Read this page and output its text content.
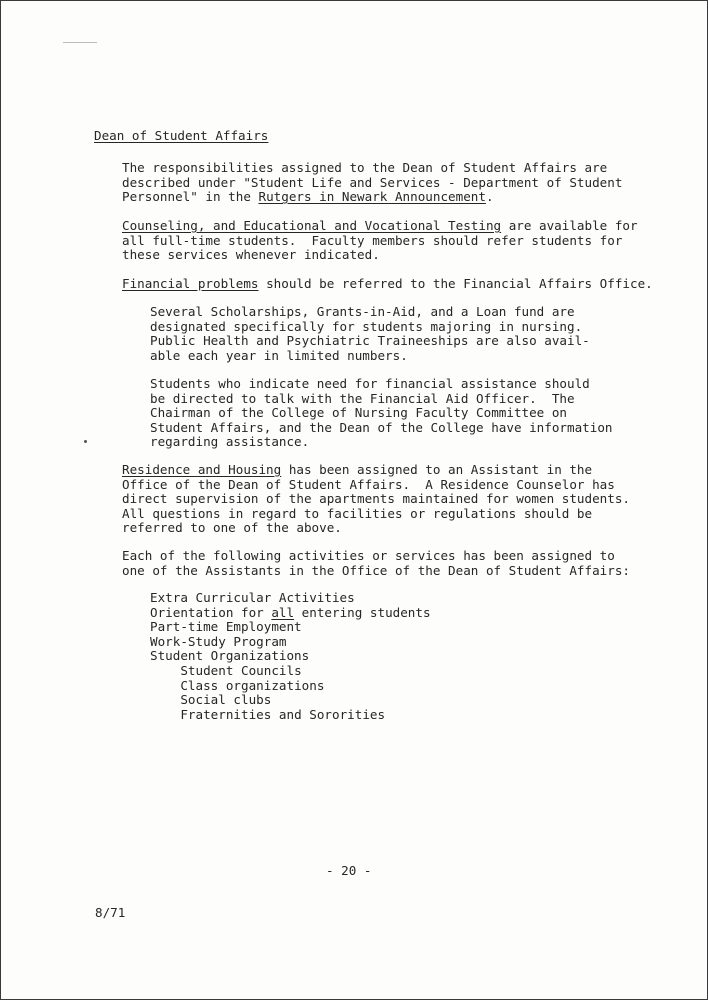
Dean of Student Affairs

The responsibilities assigned to the Dean of Student Affairs are
described under "Student Life and Services - Department of Student
Personnel" in the Rutgers in Newark Announcement.

Counseling, and Educational and Vocational Testing are available for
all full-time students.  Faculty members should refer students for
these services whenever indicated.

Financial problems should be referred to the Financial Affairs Office.

Several Scholarships, Grants-in-Aid, and a Loan fund are
designated specifically for students majoring in nursing.
Public Health and Psychiatric Traineeships are also avail-
able each year in limited numbers.

Students who indicate need for financial assistance should
be directed to talk with the Financial Aid Officer.  The
Chairman of the College of Nursing Faculty Committee on
Student Affairs, and the Dean of the College have information
regarding assistance.

Residence and Housing has been assigned to an Assistant in the
Office of the Dean of Student Affairs.  A Residence Counselor has
direct supervision of the apartments maintained for women students.
All questions in regard to facilities or regulations should be
referred to one of the above.

Each of the following activities or services has been assigned to
one of the Assistants in the Office of the Dean of Student Affairs:

Extra Curricular Activities
Orientation for all entering students
Part-time Employment
Work-Study Program
Student Organizations
Student Councils
Class organizations
Social clubs
Fraternities and Sororities

- 20 -

8/71
